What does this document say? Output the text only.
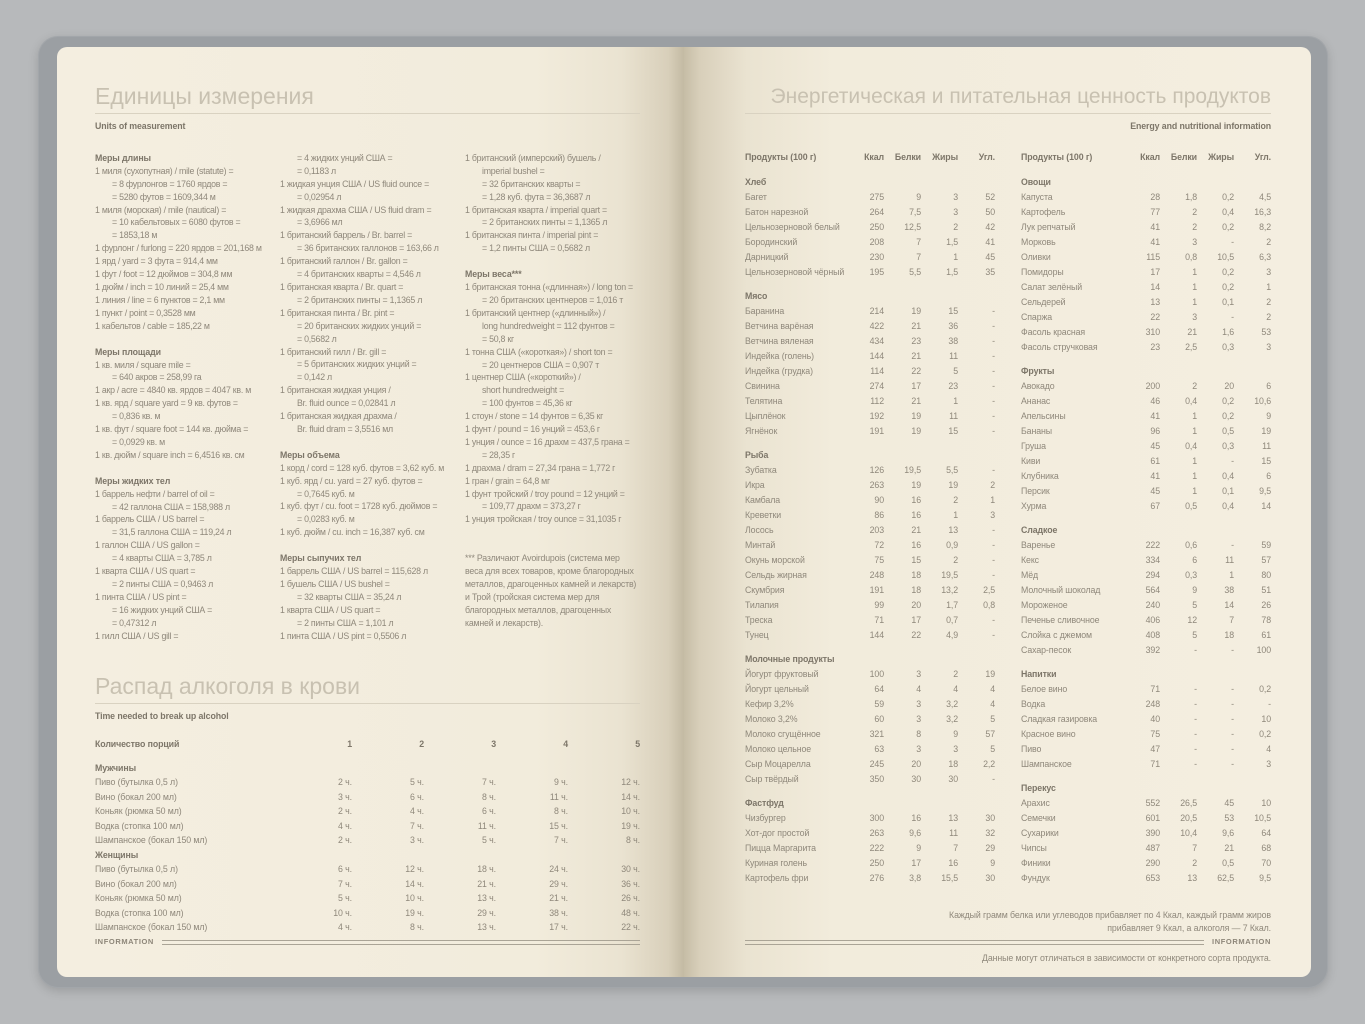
Единицы измерения
Units of measurement
Меры длины
1 миля (сухопутная) / mile (statute) =
= 8 фурлонгов = 1760 ярдов =
= 5280 футов = 1609,344 м
1 миля (морская) / mile (nautical) =
= 10 кабельтовых = 6080 футов =
= 1853,18 м
1 фурлонг / furlong = 220 ярдов = 201,168 м
1 ярд / yard = 3 фута = 914,4 мм
1 фут / foot = 12 дюймов = 304,8 мм
1 дюйм / inch = 10 линий = 25,4 мм
1 линия / line = 6 пунктов = 2,1 мм
1 пункт / point = 0,3528 мм
1 кабельтов / cable = 185,22 м
Меры площади
1 кв. миля / square mile =
= 640 акров = 258,99 га
1 акр / acre = 4840 кв. ярдов = 4047 кв. м
1 кв. ярд / square yard = 9 кв. футов =
= 0,836 кв. м
1 кв. фут / square foot = 144 кв. дюйма =
= 0,0929 кв. м
1 кв. дюйм / square inch = 6,4516 кв. см
Меры жидких тел
1 баррель нефти / barrel of oil =
= 42 галлона США = 158,988 л
1 баррель США / US barrel =
= 31,5 галлона США = 119,24 л
1 галлон США / US gallon =
= 4 кварты США = 3,785 л
1 кварта США / US quart =
= 2 пинты США = 0,9463 л
1 пинта США / US pint =
= 16 жидких унций США =
= 0,47312 л
1 гилл США / US gill =
= 4 жидких унций США =
= 0,1183 л
1 жидкая унция США / US fluid ounce =
= 0,02954 л
1 жидкая драхма США / US fluid dram =
= 3,6966 мл
1 британский баррель / Br. barrel =
= 36 британских галлонов = 163,66 л
1 британский галлон / Br. gallon =
= 4 британских кварты = 4,546 л
1 британская кварта / Br. quart =
= 2 британских пинты = 1,1365 л
1 британская пинта / Br. pint =
= 20 британских жидких унций =
= 0,5682 л
1 британский гилл / Br. gill =
= 5 британских жидких унций =
= 0,142 л
1 британская жидкая унция /
Br. fluid ounce = 0,02841 л
1 британская жидкая драхма /
Br. fluid dram = 3,5516 мл
Меры объема
1 корд / cord = 128 куб. футов = 3,62 куб. м
1 куб. ярд / cu. yard = 27 куб. футов =
= 0,7645 куб. м
1 куб. фут / cu. foot = 1728 куб. дюймов =
= 0,0283 куб. м
1 куб. дюйм / cu. inch = 16,387 куб. см
Меры сыпучих тел
1 баррель США / US barrel = 115,628 л
1 бушель США / US bushel =
= 32 кварты США = 35,24 л
1 кварта США / US quart =
= 2 пинты США = 1,101 л
1 пинта США / US pint = 0,5506 л
1 британский (имперский) бушель /
imperial bushel =
= 32 британских кварты =
= 1,28 куб. фута = 36,3687 л
1 британская кварта / imperial quart =
= 2 британских пинты = 1,1365 л
1 британская пинта / imperial pint =
= 1,2 пинты США = 0,5682 л
Меры веса***
1 британская тонна («длинная») / long ton =
= 20 британских центнеров = 1,016 т
1 британский центнер («длинный») /
long hundredweight = 112 фунтов =
= 50,8 кг
1 тонна США («короткая») / short ton =
= 20 центнеров США = 0,907 т
1 центнер США («короткий») /
short hundredweight =
= 100 фунтов = 45,36 кг
1 стоун / stone = 14 фунтов = 6,35 кг
1 фунт / pound = 16 унций = 453,6 г
1 унция / ounce = 16 драхм = 437,5 грана =
= 28,35 г
1 драхма / dram = 27,34 грана = 1,772 г
1 гран / grain = 64,8 мг
1 фунт тройский / troy pound = 12 унций =
= 109,77 драхм = 373,27 г
1 унция тройская / troy ounce = 31,1035 г
*** Различают Avoirdupois (система мер веса для всех товаров, кроме благородных металлов, драгоценных камней и лекарств) и Трой (тройская система мер для благородных металлов, драгоценных камней и лекарств).
Распад алкоголя в крови
Time needed to break up alcohol
Количество порций	1	2	3	4	5
Мужчины
Пиво (бутылка 0,5 л)	2 ч.	5 ч.	7 ч.	9 ч.	12 ч.
Вино (бокал 200 мл)	3 ч.	6 ч.	8 ч.	11 ч.	14 ч.
Коньяк (рюмка 50 мл)	2 ч.	4 ч.	6 ч.	8 ч.	10 ч.
Водка (стопка 100 мл)	4 ч.	7 ч.	11 ч.	15 ч.	19 ч.
Шампанское (бокал 150 мл)	2 ч.	3 ч.	5 ч.	7 ч.	8 ч.
Женщины
Пиво (бутылка 0,5 л)	6 ч.	12 ч.	18 ч.	24 ч.	30 ч.
Вино (бокал 200 мл)	7 ч.	14 ч.	21 ч.	29 ч.	36 ч.
Коньяк (рюмка 50 мл)	5 ч.	10 ч.	13 ч.	21 ч.	26 ч.
Водка (стопка 100 мл)	10 ч.	19 ч.	29 ч.	38 ч.	48 ч.
Шампанское (бокал 150 мл)	4 ч.	8 ч.	13 ч.	17 ч.	22 ч.
INFORMATION
Энергетическая и питательная ценность продуктов
Energy and nutritional information
Продукты (100 г)	Ккал	Белки	Жиры	Угл.
Хлеб
Багет	275	9	3	52
Батон нарезной	264	7,5	3	50
Цельнозерновой белый	250	12,5	2	42
Бородинский	208	7	1,5	41
Дарницкий	230	7	1	45
Цельнозерновой чёрный	195	5,5	1,5	35
Мясо
Баранина	214	19	15	-
Ветчина варёная	422	21	36	-
Ветчина вяленая	434	23	38	-
Индейка (голень)	144	21	11	-
Индейка (грудка)	114	22	5	-
Свинина	274	17	23	-
Телятина	112	21	1	-
Цыплёнок	192	19	11	-
Ягнёнок	191	19	15	-
Рыба
Зубатка	126	19,5	5,5	-
Икра	263	19	19	2
Камбала	90	16	2	1
Креветки	86	16	1	3
Лосось	203	21	13	-
Минтай	72	16	0,9	-
Окунь морской	75	15	2	-
Сельдь жирная	248	18	19,5	-
Скумбрия	191	18	13,2	2,5
Тилапия	99	20	1,7	0,8
Треска	71	17	0,7	-
Тунец	144	22	4,9	-
Молочные продукты
Йогурт фруктовый	100	3	2	19
Йогурт цельный	64	4	4	4
Кефир 3,2%	59	3	3,2	4
Молоко 3,2%	60	3	3,2	5
Молоко сгущённое	321	8	9	57
Молоко цельное	63	3	3	5
Сыр Моцарелла	245	20	18	2,2
Сыр твёрдый	350	30	30	-
Фастфуд
Чизбургер	300	16	13	30
Хот-дог простой	263	9,6	11	32
Пицца Маргарита	222	9	7	29
Куриная голень	250	17	16	9
Картофель фри	276	3,8	15,5	30
Продукты (100 г)	Ккал	Белки	Жиры	Угл.
Овощи
Капуста	28	1,8	0,2	4,5
Картофель	77	2	0,4	16,3
Лук репчатый	41	2	0,2	8,2
Морковь	41	3	-	2
Оливки	115	0,8	10,5	6,3
Помидоры	17	1	0,2	3
Салат зелёный	14	1	0,2	1
Сельдерей	13	1	0,1	2
Спаржа	22	3	-	2
Фасоль красная	310	21	1,6	53
Фасоль стручковая	23	2,5	0,3	3
Фрукты
Авокадо	200	2	20	6
Ананас	46	0,4	0,2	10,6
Апельсины	41	1	0,2	9
Бананы	96	1	0,5	19
Груша	45	0,4	0,3	11
Киви	61	1	-	15
Клубника	41	1	0,4	6
Персик	45	1	0,1	9,5
Хурма	67	0,5	0,4	14
Сладкое
Варенье	222	0,6	-	59
Кекс	334	6	11	57
Мёд	294	0,3	1	80
Молочный шоколад	564	9	38	51
Мороженое	240	5	14	26
Печенье сливочное	406	12	7	78
Слойка с джемом	408	5	18	61
Сахар-песок	392	-	-	100
Напитки
Белое вино	71	-	-	0,2
Водка	248	-	-	-
Сладкая газировка	40	-	-	10
Красное вино	75	-	-	0,2
Пиво	47	-	-	4
Шампанское	71	-	-	3
Перекус
Арахис	552	26,5	45	10
Семечки	601	20,5	53	10,5
Сухарики	390	10,4	9,6	64
Чипсы	487	7	21	68
Финики	290	2	0,5	70
Фундук	653	13	62,5	9,5
Каждый грамм белка или углеводов прибавляет по 4 Ккал, каждый грамм жиров прибавляет 9 Ккал, а алкоголя — 7 Ккал.
Данные могут отличаться в зависимости от конкретного сорта продукта.
INFORMATION
